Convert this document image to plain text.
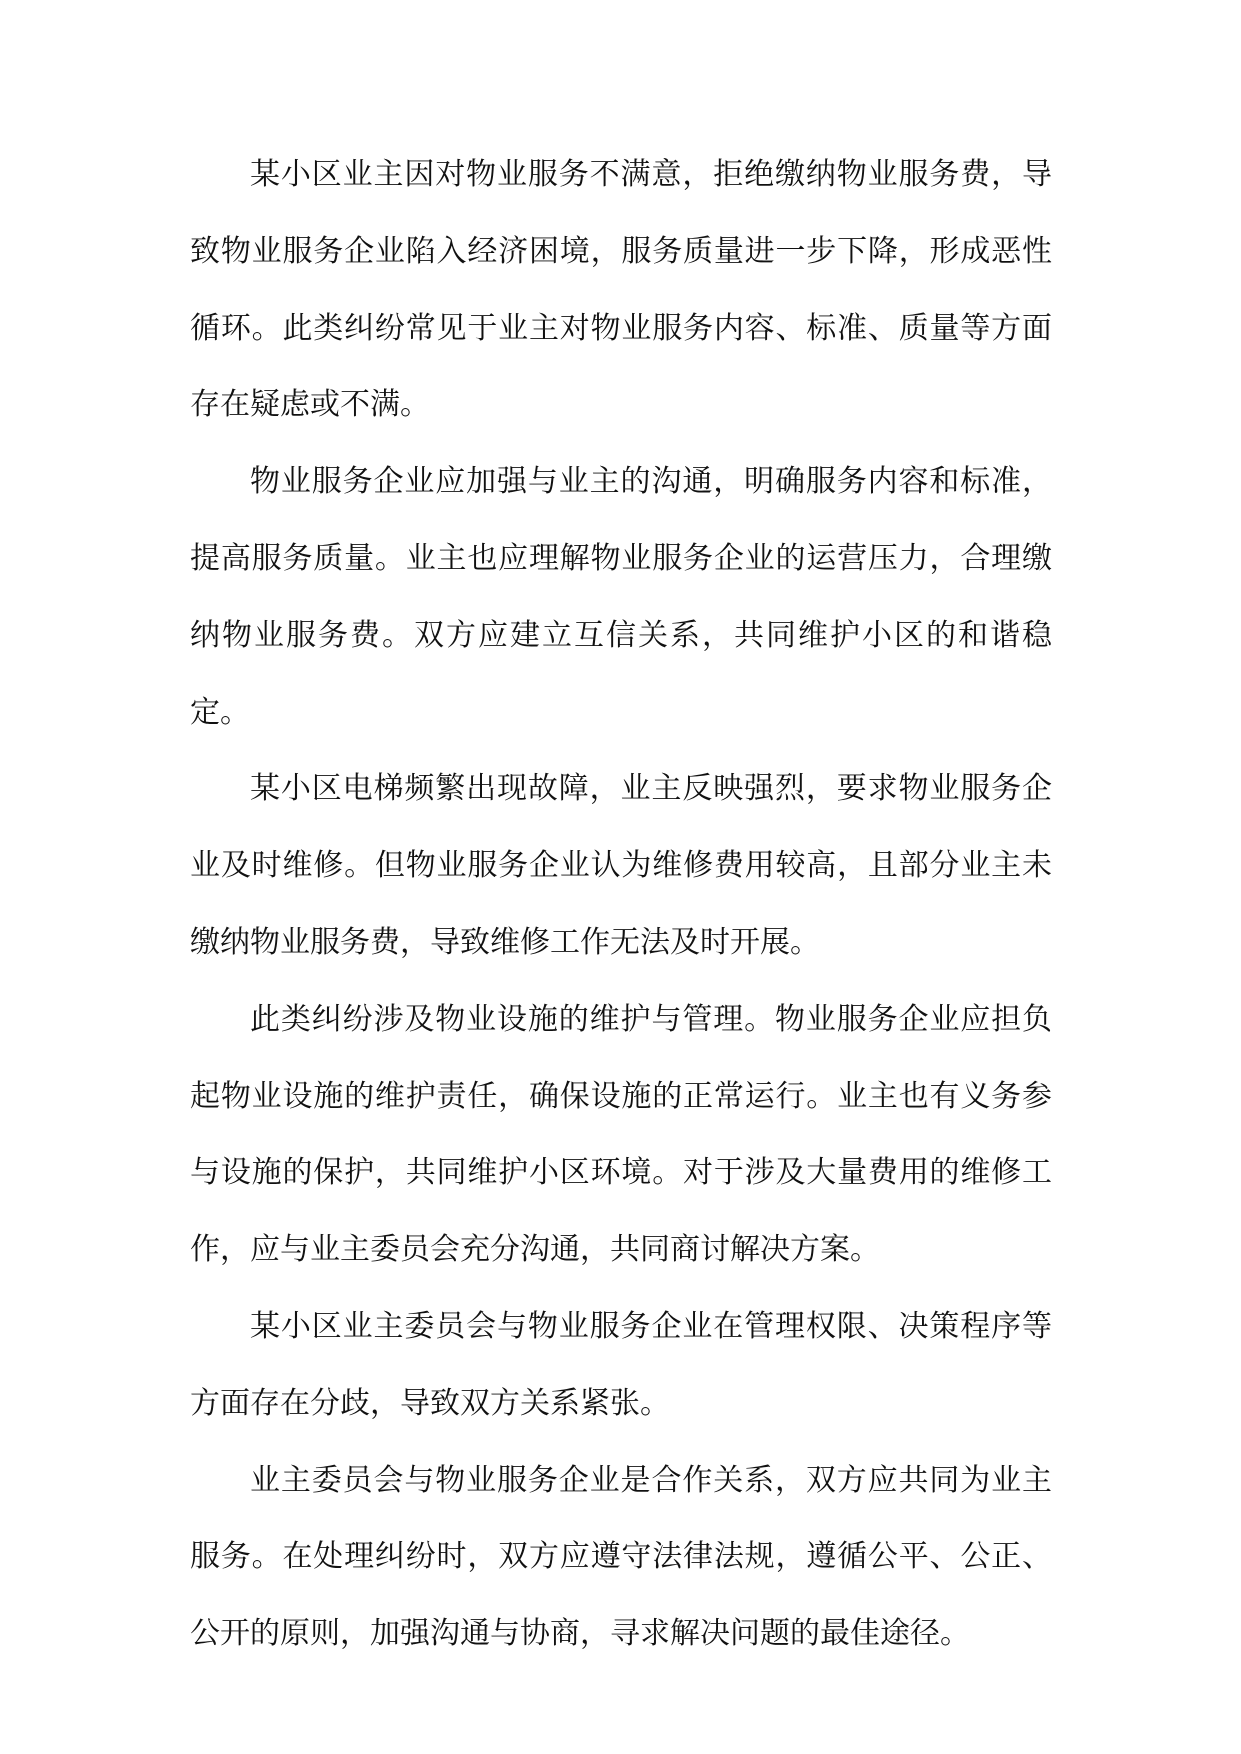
某小区业主因对物业服务不满意，拒绝缴纳物业服务费，导致物业服务企业陷入经济困境，服务质量进一步下降，形成恶性循环。此类纠纷常见于业主对物业服务内容、标准、质量等方面存在疑虑或不满。

物业服务企业应加强与业主的沟通，明确服务内容和标准，提高服务质量。业主也应理解物业服务企业的运营压力，合理缴纳物业服务费。双方应建立互信关系，共同维护小区的和谐稳定。

某小区电梯频繁出现故障，业主反映强烈，要求物业服务企业及时维修。但物业服务企业认为维修费用较高，且部分业主未缴纳物业服务费，导致维修工作无法及时开展。

此类纠纷涉及物业设施的维护与管理。物业服务企业应担负起物业设施的维护责任，确保设施的正常运行。业主也有义务参与设施的保护，共同维护小区环境。对于涉及大量费用的维修工作，应与业主委员会充分沟通，共同商讨解决方案。

某小区业主委员会与物业服务企业在管理权限、决策程序等方面存在分歧，导致双方关系紧张。

业主委员会与物业服务企业是合作关系，双方应共同为业主服务。在处理纠纷时，双方应遵守法律法规，遵循公平、公正、公开的原则，加强沟通与协商，寻求解决问题的最佳途径。
